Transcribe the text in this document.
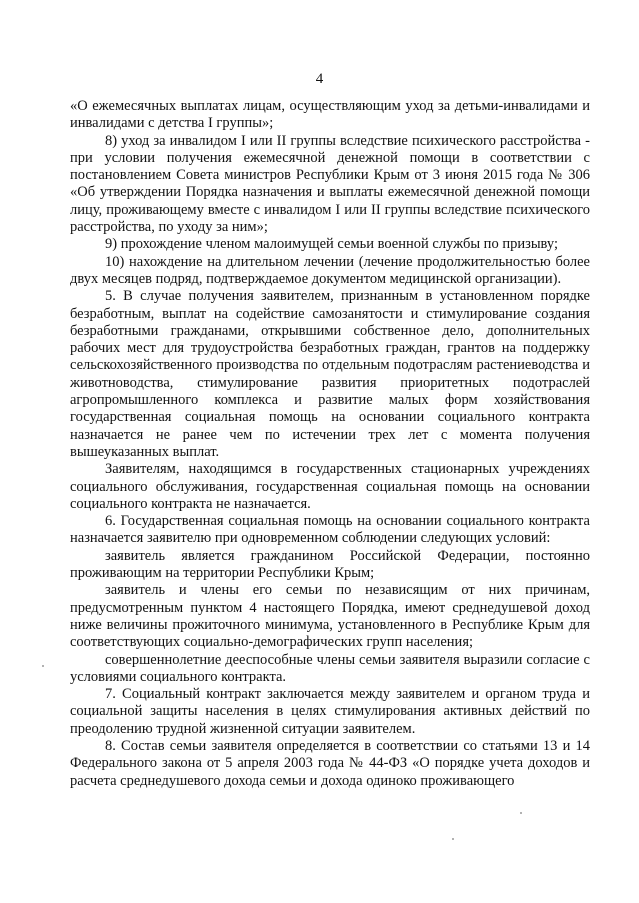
4

«О ежемесячных выплатах лицам, осуществляющим уход за детьми-инвалидами и инвалидами с детства I группы»;

8) уход за инвалидом I или II группы вследствие психического расстройства - при условии получения ежемесячной денежной помощи в соответствии с постановлением Совета министров Республики Крым от 3 июня 2015 года № 306 «Об утверждении Порядка назначения и выплаты ежемесячной денежной помощи лицу, проживающему вместе с инвалидом I или II группы вследствие психического расстройства, по уходу за ним»;

9) прохождение членом малоимущей семьи военной службы по призыву;

10) нахождение на длительном лечении (лечение продолжительностью более двух месяцев подряд, подтверждаемое документом медицинской организации).

5. В случае получения заявителем, признанным в установленном порядке безработным, выплат на содействие самозанятости и стимулирование создания безработными гражданами, открывшими собственное дело, дополнительных рабочих мест для трудоустройства безработных граждан, грантов на поддержку сельскохозяйственного производства по отдельным подотраслям растениеводства и животноводства, стимулирование развития приоритетных подотраслей агропромышленного комплекса и развитие малых форм хозяйствования государственная социальная помощь на основании социального контракта назначается не ранее чем по истечении трех лет с момента получения вышеуказанных выплат.

Заявителям, находящимся в государственных стационарных учреждениях социального обслуживания, государственная социальная помощь на основании социального контракта не назначается.

6. Государственная социальная помощь на основании социального контракта назначается заявителю при одновременном соблюдении следующих условий:

заявитель является гражданином Российской Федерации, постоянно проживающим на территории Республики Крым;

заявитель и члены его семьи по независящим от них причинам, предусмотренным пунктом 4 настоящего Порядка, имеют среднедушевой доход ниже величины прожиточного минимума, установленного в Республике Крым для соответствующих социально-демографических групп населения;

совершеннолетние дееспособные члены семьи заявителя выразили согласие с условиями социального контракта.

7. Социальный контракт заключается между заявителем и органом труда и социальной защиты населения в целях стимулирования активных действий по преодолению трудной жизненной ситуации заявителем.

8. Состав семьи заявителя определяется в соответствии со статьями 13 и 14 Федерального закона от 5 апреля 2003 года № 44-ФЗ «О порядке учета доходов и расчета среднедушевого дохода семьи и дохода одиноко проживающего
